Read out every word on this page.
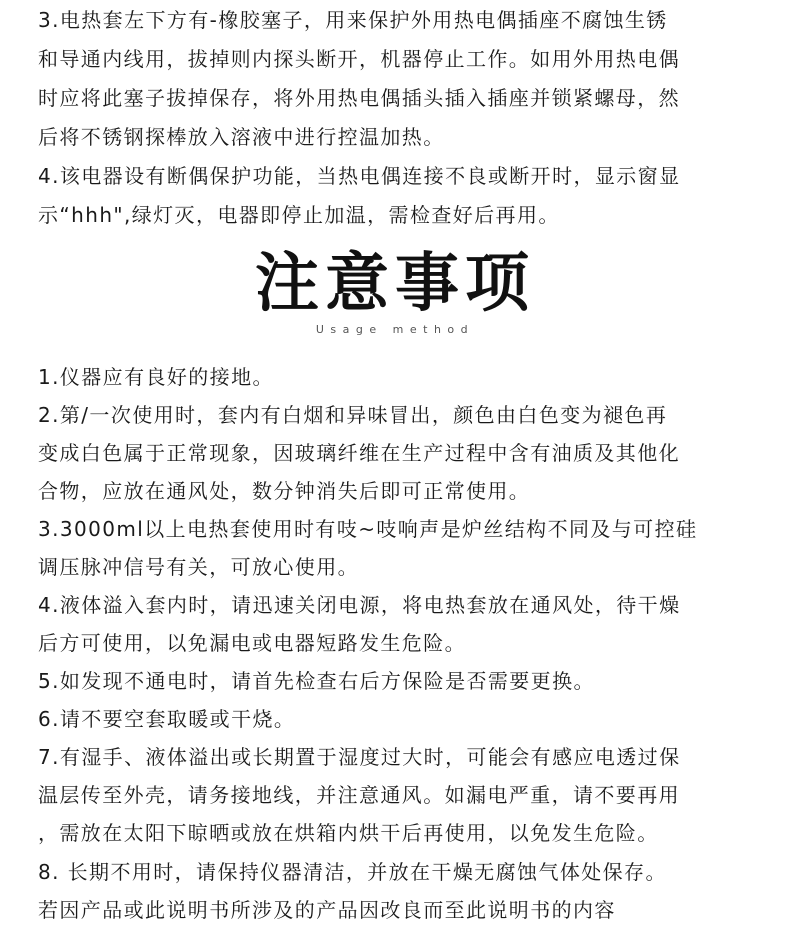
3.电热套左下方有-橡胶塞子，用来保护外用热电偶插座不腐蚀生锈
和导通内线用，拔掉则内探头断开，机器停止工作。如用外用热电偶
时应将此塞子拔掉保存，将外用热电偶插头插入插座并锁紧螺母，然
后将不锈钢探棒放入溶液中进行控温加热。
4.该电器设有断偶保护功能，当热电偶连接不良或断开时，显示窗显
示“hhh",绿灯灭，电器即停止加温，需检查好后再用。
注意事项
Usage method
1.仪器应有良好的接地。
2.第/一次使用时，套内有白烟和异味冒出，颜色由白色变为褪色再
变成白色属于正常现象，因玻璃纤维在生产过程中含有油质及其他化
合物，应放在通风处，数分钟消失后即可正常使用。
3.3000ml以上电热套使用时有吱~吱响声是炉丝结构不同及与可控硅
调压脉冲信号有关，可放心使用。
4.液体溢入套内时，请迅速关闭电源，将电热套放在通风处，待干燥
后方可使用，以免漏电或电器短路发生危险。
5.如发现不通电时，请首先检查右后方保险是否需要更换。
6.请不要空套取暖或干烧。
7.有湿手、液体溢出或长期置于湿度过大时，可能会有感应电透过保
温层传至外壳，请务接地线，并注意通风。如漏电严重，请不要再用
，需放在太阳下晾晒或放在烘箱内烘干后再使用，以免发生危险。
8. 长期不用时，请保持仪器清洁，并放在干燥无腐蚀气体处保存。
若因产品或此说明书所涉及的产品因改良而至此说明书的内容
